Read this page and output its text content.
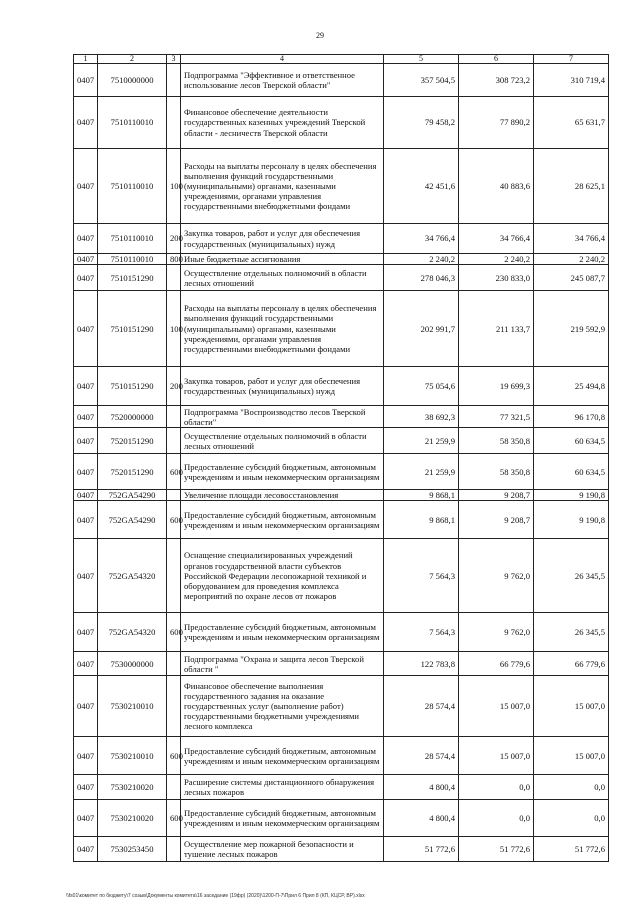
29
1	2	3	4	5	6	7
0407	7510000000		Подпрограмма "Эффективное и ответственное использование лесов Тверской области"	357 504,5	308 723,2	310 719,4
0407	7510110010		Финансовое обеспечение деятельности государственных казенных учреждений Тверской области - лесничеств Тверской области	79 458,2	77 890,2	65 631,7
0407	7510110010	100	Расходы на выплаты персоналу в целях обеспечения выполнения функций государственными (муниципальными) органами, казенными учреждениями, органами управления государственными внебюджетными фондами	42 451,6	40 883,6	28 625,1
0407	7510110010	200	Закупка товаров, работ и услуг для обеспечения государственных (муниципальных) нужд	34 766,4	34 766,4	34 766,4
0407	7510110010	800	Иные бюджетные ассигнования	2 240,2	2 240,2	2 240,2
0407	7510151290		Осуществление отдельных полномочий в области лесных отношений	278 046,3	230 833,0	245 087,7
0407	7510151290	100	Расходы на выплаты персоналу в целях обеспечения выполнения функций государственными (муниципальными) органами, казенными учреждениями, органами управления государственными внебюджетными фондами	202 991,7	211 133,7	219 592,9
0407	7510151290	200	Закупка товаров, работ и услуг для обеспечения государственных (муниципальных) нужд	75 054,6	19 699,3	25 494,8
0407	7520000000		Подпрограмма "Воспроизводство лесов Тверской области"	38 692,3	77 321,5	96 170,8
0407	7520151290		Осуществление отдельных полномочий в области лесных отношений	21 259,9	58 350,8	60 634,5
0407	7520151290	600	Предоставление субсидий бюджетным, автономным учреждениям и иным некоммерческим организациям	21 259,9	58 350,8	60 634,5
0407	752GA54290		Увеличение площади лесовосстановления	9 868,1	9 208,7	9 190,8
0407	752GA54290	600	Предоставление субсидий бюджетным, автономным учреждениям и иным некоммерческим организациям	9 868,1	9 208,7	9 190,8
0407	752GA54320		Оснащение специализированных учреждений органов государственной власти субъектов Российской Федерации лесопожарной техникой и оборудованием для проведения комплекса мероприятий по охране лесов от пожаров	7 564,3	9 762,0	26 345,5
0407	752GA54320	600	Предоставление субсидий бюджетным, автономным учреждениям и иным некоммерческим организациям	7 564,3	9 762,0	26 345,5
0407	7530000000		Подпрограмма "Охрана и защита лесов Тверской области "	122 783,8	66 779,6	66 779,6
0407	7530210010		Финансовое обеспечение выполнения государственного задания на оказание государственных услуг (выполнение работ) государственными бюджетными учреждениями лесного комплекса	28 574,4	15 007,0	15 007,0
0407	7530210010	600	Предоставление субсидий бюджетным, автономным учреждениям и иным некоммерческим организациям	28 574,4	15 007,0	15 007,0
0407	7530210020		Расширение системы дистанционного обнаружения лесных пожаров	4 800,4	0,0	0,0
0407	7530210020	600	Предоставление субсидий бюджетным, автономным учреждениям и иным некоммерческим организациям	4 800,4	0,0	0,0
0407	7530253450		Осуществление мер пожарной безопасности и тушение лесных пожаров	51 772,6	51 772,6	51 772,6
\\fs01\комитет по бюджету\7 созыв\Документы комитета\16 заседание (19фр) (2020)\1200-П-7\Прил 6 Прил 8 (КП, КЦСР, ВР).xlsx
